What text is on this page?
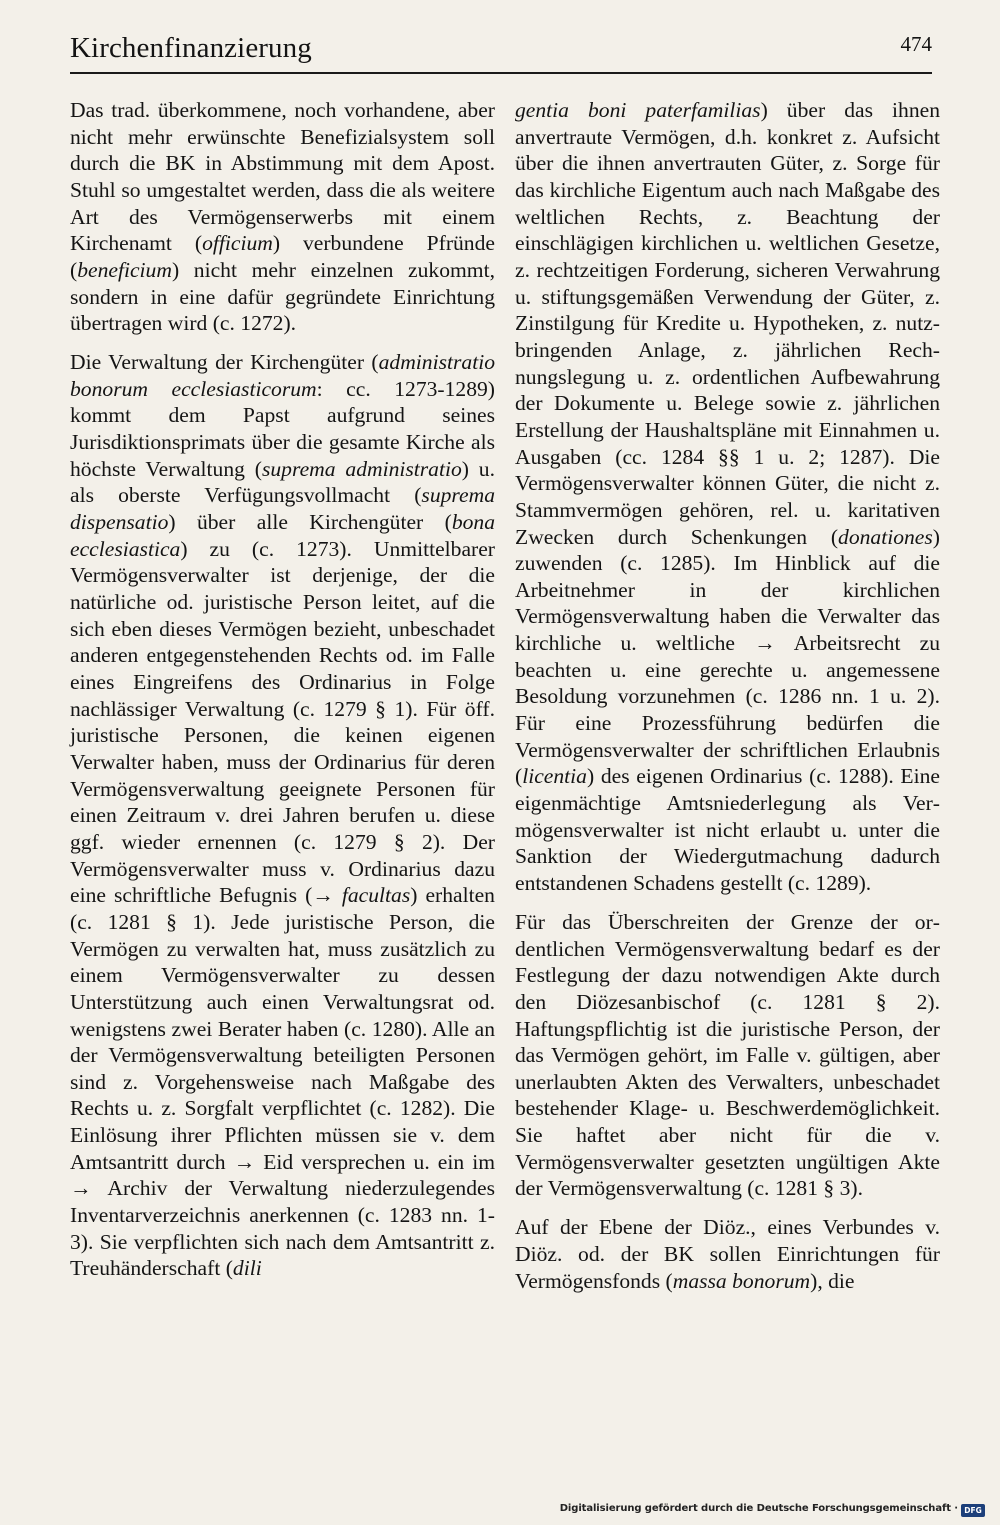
Kirchenfinanzierung	474

Das trad. überkommene, noch vorhandene, aber nicht mehr erwünschte Benefizialsystem soll durch die BK in Abstimmung mit dem Apost. Stuhl so umgestaltet werden, dass die als weitere Art des Vermögenserwerbs mit einem Kirchenamt (officium) verbundene Pfründe (beneficium) nicht mehr einzelnen zukommt, sondern in eine dafür gegründete Einrichtung übertragen wird (c. 1272).

Die Verwaltung der Kirchengüter (administratio bonorum ecclesiasticorum: cc. 1273-1289) kommt dem Papst aufgrund seines Jurisdiktionsprimats über die gesamte Kirche als höchste Verwaltung (suprema administratio) u. als oberste Verfügungsvollmacht (suprema dispensatio) über alle Kirchengüter (bona ecclesiastica) zu (c. 1273). Unmittelbarer Vermögensverwalter ist derjenige, der die natürliche od. juristische Person leitet, auf die sich eben dieses Vermögen bezieht, unbeschadet anderen entgegenstehenden Rechts od. im Falle eines Eingreifens des Ordinarius in Folge nachlässiger Verwaltung (c. 1279 § 1). Für öff. juristische Personen, die keinen eigenen Verwalter haben, muss der Ordinarius für deren Vermögensverwaltung geeignete Personen für einen Zeitraum v. drei Jahren berufen u. diese ggf. wieder ernennen (c. 1279 § 2). Der Vermögensverwalter muss v. Ordinarius dazu eine schriftliche Befugnis (→ facultas) erhalten (c. 1281 § 1). Jede juristische Person, die Vermögen zu verwalten hat, muss zusätzlich zu einem Vermögensverwalter zu dessen Unterstützung auch einen Verwaltungsrat od. wenigstens zwei Berater haben (c. 1280). Alle an der Vermögensverwaltung beteiligten Personen sind z. Vorgehensweise nach Maßgabe des Rechts u. z. Sorgfalt verpflichtet (c. 1282). Die Einlösung ihrer Pflichten müssen sie v. dem Amtsantritt durch → Eid versprechen u. ein im → Archiv der Verwaltung niederzulegendes Inventarverzeichnis anerkennen (c. 1283 nn. 1-3). Sie verpflichten sich nach dem Amtsantritt z. Treuhänderschaft (dili

gentia boni paterfamilias) über das ihnen anvertraute Vermögen, d.h. konkret z. Aufsicht über die ihnen anvertrauten Güter, z. Sorge für das kirchliche Eigentum auch nach Maßgabe des weltlichen Rechts, z. Beachtung der einschlägigen kirchlichen u. weltlichen Gesetze, z. rechtzeitigen Forderung, sicheren Verwahrung u. stiftungsgemäßen Verwendung der Güter, z. Zinstilgung für Kredite u. Hypotheken, z. nutzbringenden Anlage, z. jährlichen Rechnungslegung u. z. ordentlichen Aufbewahrung der Dokumente u. Belege sowie z. jährlichen Erstellung der Haushaltspläne mit Einnahmen u. Ausgaben (cc. 1284 §§ 1 u. 2; 1287). Die Vermögensverwalter können Güter, die nicht z. Stammvermögen gehören, rel. u. karitativen Zwecken durch Schenkungen (donationes) zuwenden (c. 1285). Im Hinblick auf die Arbeitnehmer in der kirchlichen Vermögensverwaltung haben die Verwalter das kirchliche u. weltliche → Arbeitsrecht zu beachten u. eine gerechte u. angemessene Besoldung vorzunehmen (c. 1286 nn. 1 u. 2). Für eine Prozessführung bedürfen die Vermögensverwalter der schriftlichen Erlaubnis (licentia) des eigenen Ordinarius (c. 1288). Eine eigenmächtige Amtsniederlegung als Vermögensverwalter ist nicht erlaubt u. unter die Sanktion der Wiedergutmachung dadurch entstandenen Schadens gestellt (c. 1289).

Für das Überschreiten der Grenze der ordentlichen Vermögensverwaltung bedarf es der Festlegung der dazu notwendigen Akte durch den Diözesanbischof (c. 1281 § 2). Haftungspflichtig ist die juristische Person, der das Vermögen gehört, im Falle v. gültigen, aber unerlaubten Akten des Verwalters, unbeschadet bestehender Klage- u. Beschwerdemöglichkeit. Sie haftet aber nicht für die v. Vermögensverwalter gesetzten ungültigen Akte der Vermögensverwaltung (c. 1281 § 3).

Auf der Ebene der Diöz., eines Verbundes v. Diöz. od. der BK sollen Einrichtungen für Vermögensfonds (massa bonorum), die

Digitalisierung gefördert durch die Deutsche Forschungsgemeinschaft · DFG
